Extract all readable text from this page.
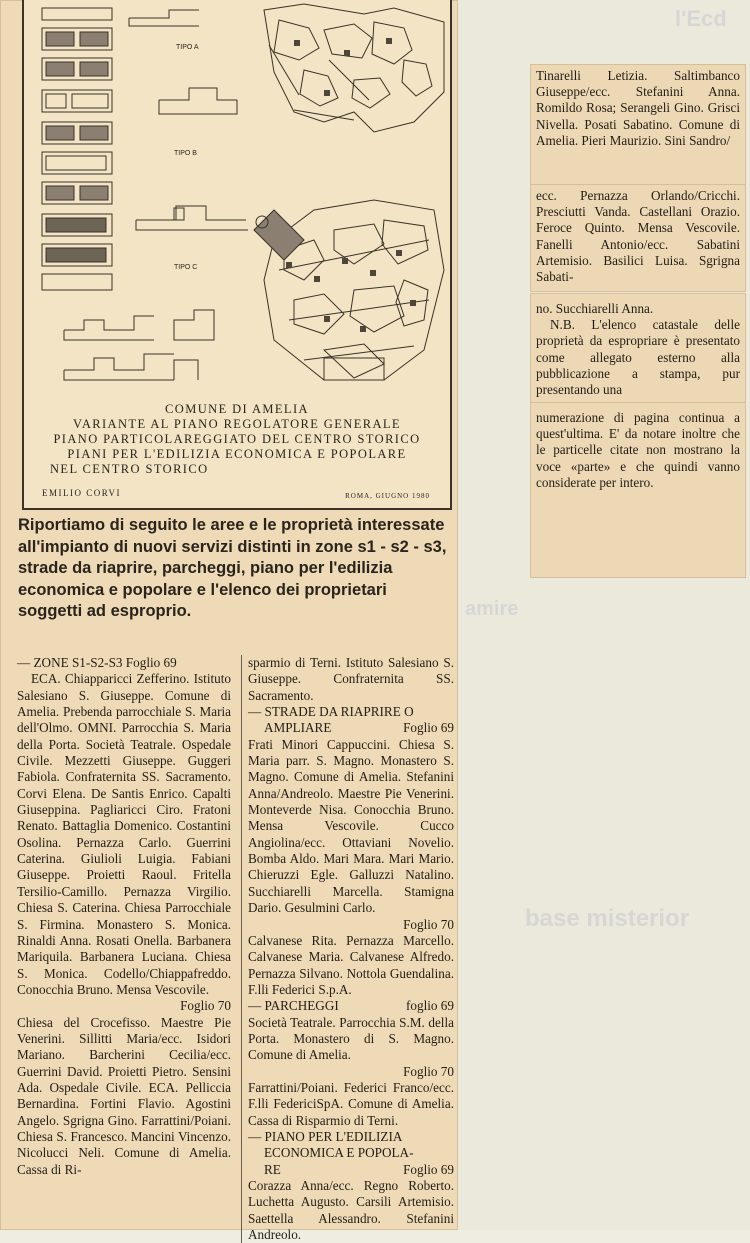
l'Ecd
amire
base misterior
TIPO A
TIPO B
TIPO C
COMUNE DI AMELIA
VARIANTE AL PIANO REGOLATORE GENERALE
PIANO PARTICOLAREGGIATO DEL CENTRO STORICO
PIANI PER L'EDILIZIA ECONOMICA E POPOLARE
NEL CENTRO STORICO
EMILIO CORVI	ROMA, GIUGNO 1980
Riportiamo di seguito le aree e le proprietà interessate all'impianto di nuovi servizi distinti in zone s1 - s2 - s3, strade da riaprire, parcheggi, piano per l'edilizia economica e popolare e l'elenco dei proprietari soggetti ad esproprio.

— ZONE S1-S2-S3 Foglio 69

ECA. Chiapparicci Zefferino. Istituto Salesiano S. Giuseppe. Comune di Amelia. Prebenda parrocchiale S. Maria dell'Olmo. OMNI. Parrocchia S. Maria della Porta. Società Teatrale. Ospedale Civile. Mezzetti Giuseppe. Guggeri Fabiola. Confraternita SS. Sacramento. Corvi Elena. De Santis Enrico. Capalti Giuseppina. Pagliaricci Ciro. Fratoni Renato. Battaglia Domenico. Costantini Osolina. Pernazza Carlo. Guerrini Caterina. Giulioli Luigia. Fabiani Giuseppe. Proietti Raoul. Fritella Tersilio-Camillo. Pernazza Virgilio. Chiesa S. Caterina. Chiesa Parrocchiale S. Firmina. Monastero S. Monica. Rinaldi Anna. Rosati Onella. Barbanera Mariquila. Barbanera Luciana. Chiesa S. Monica. Codello/Chiappafreddo. Conocchia Bruno. Mensa Vescovile.

Foglio 70

Chiesa del Crocefisso. Maestre Pie Venerini. Sillitti Maria/ecc. Isidori Mariano. Barcherini Cecilia/ecc. Guerrini David. Proietti Pietro. Sensini Ada. Ospedale Civile. ECA. Pelliccia Bernardina. Fortini Flavio. Agostini Angelo. Sgrigna Gino. Farrattini/Poiani. Chiesa S. Francesco. Mancini Vincenzo. Nicolucci Neli. Comune di Amelia. Cassa di Ri-

sparmio di Terni. Istituto Salesiano S. Giuseppe. Confraternita SS. Sacramento.

— STRADE DA RIAPRIRE O

AMPLIARE	Foglio 69

Frati Minori Cappuccini. Chiesa S. Maria parr. S. Magno. Monastero S. Magno. Comune di Amelia. Stefanini Anna/Andreolo. Maestre Pie Venerini. Monteverde Nisa. Conocchia Bruno. Mensa Vescovile. Cucco Angiolina/ecc. Ottaviani Novelio. Bomba Aldo. Mari Mara. Mari Mario. Chieruzzi Egle. Galluzzi Natalino. Succhiarelli Marcella. Stamigna Dario. Gesulmini Carlo.

Foglio 70

Calvanese Rita. Pernazza Marcello. Calvanese Maria. Calvanese Alfredo. Pernazza Silvano. Nottola Guendalina. F.lli Federici S.p.A.

— PARCHEGGI	foglio 69

Società Teatrale. Parrocchia S.M. della Porta. Monastero di S. Magno. Comune di Amelia.

Foglio 70

Farrattini/Poiani. Federici Franco/ecc. F.lli FedericiSpA. Comune di Amelia. Cassa di Risparmio di Terni.

— PIANO PER L'EDILIZIA

ECONOMICA E POPOLA-

RE	Foglio 69

Corazza Anna/ecc. Regno Roberto. Luchetta Augusto. Carsili Artemisio. Saettella Alessandro. Stefanini Andreolo.

Tinarelli Letizia. Saltimbanco Giuseppe/ecc. Stefanini Anna. Romildo Rosa; Serangeli Gino. Grisci Nivella. Posati Sabatino. Comune di Amelia. Pieri Maurizio. Sini Sandro/

ecc. Pernazza Orlando/Cricchi. Presciutti Vanda. Castellani Orazio. Feroce Quinto. Mensa Vescovile. Fanelli Antonio/ecc. Sabatini Artemisio. Basilici Luisa. Sgrigna Sabati-

no. Succhiarelli Anna.

N.B. L'elenco catastale delle proprietà da espropriare è presentato come allegato esterno alla pubblicazione a stampa, pur presentando una

numerazione di pagina continua a quest'ultima. E' da notare inoltre che le particelle citate non mostrano la voce «parte» e che quindi vanno considerate per intero.
